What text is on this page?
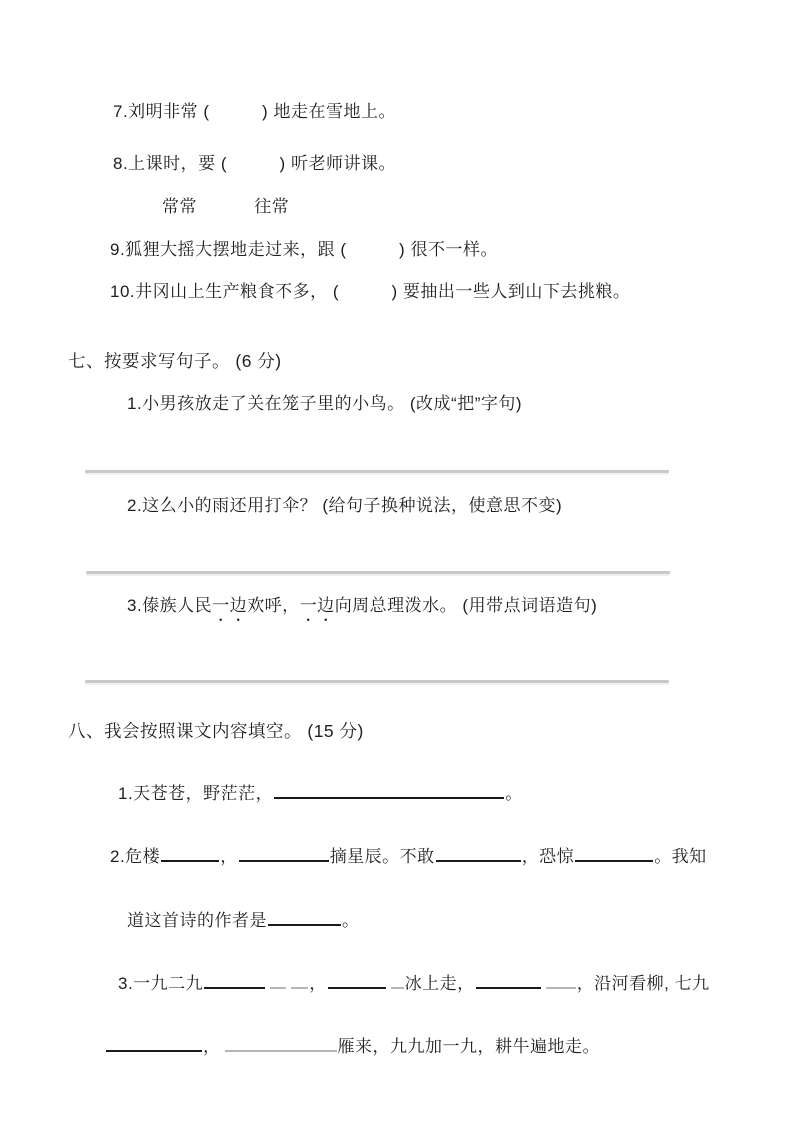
7.刘明非常 (　　　) 地走在雪地上。
8.上课时，要 (　　　) 听老师讲课。
常常	往常
9.狐狸大摇大摆地走过来，跟 (　　　) 很不一样。
10.井冈山上生产粮食不多， (　　　) 要抽出一些人到山下去挑粮。
七、按要求写句子。 (6 分)
1.小男孩放走了关在笼子里的小鸟。 (改成“把”字句)
2.这么小的雨还用打伞？ (给句子换种说法，使意思不变)
3.傣族人民一边欢呼，一边向周总理泼水。 (用带点词语造句)
八、我会按照课文内容填空。 (15 分)
1.天苍苍，野茫茫，	。
2.危楼	，	摘星辰。不敢	，恐惊	。我知
道这首诗的作者是	。
3.一九二九	，	冰上走，	，沿河看柳, 七九
，	雁来，九九加一九，耕牛遍地走。
